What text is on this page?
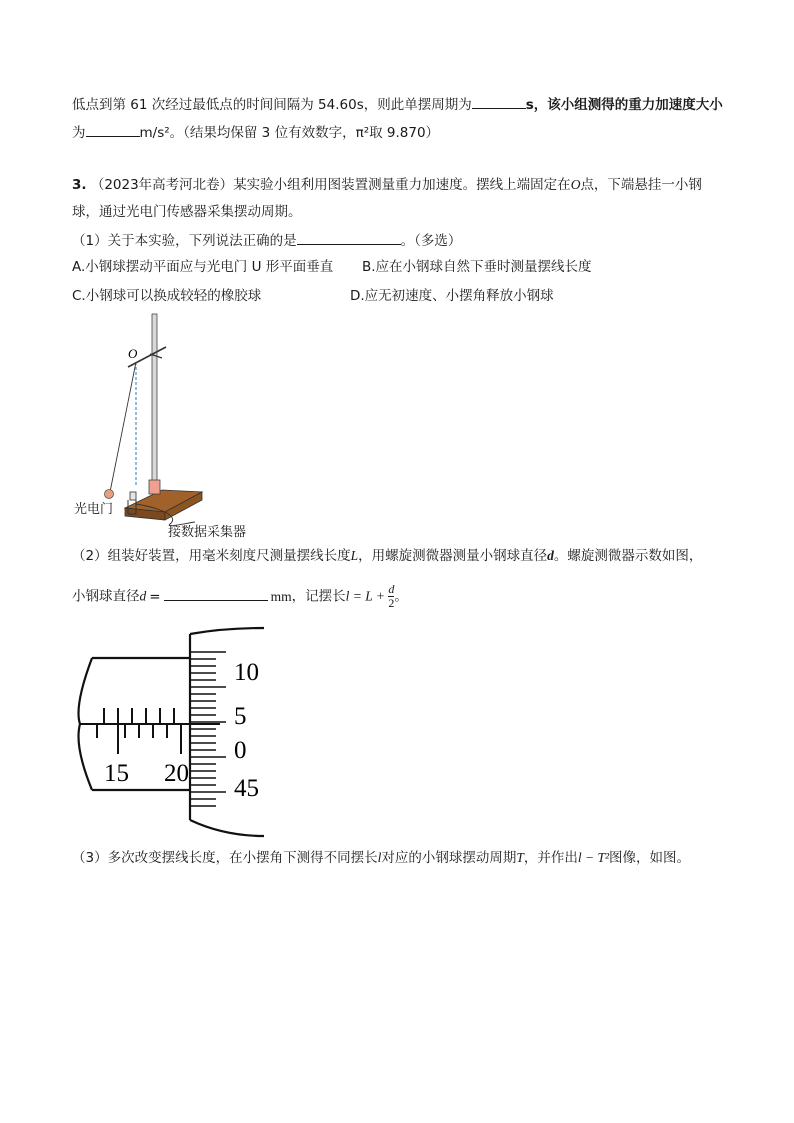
低点到第 61 次经过最低点的时间间隔为 54.60s，则此单摆周期为	s，该小组测得的重力加速度大小
为	m/s²。（结果均保留 3 位有效数字，π²取 9.870）
3. （2023年高考河北卷）某实验小组利用图装置测量重力加速度。摆线上端固定在O点，下端悬挂一小钢
球，通过光电门传感器采集摆动周期。
（1）关于本实验，下列说法正确的是	。（多选）
A.小钢球摆动平面应与光电门 U 形平面垂直 B.应在小钢球自然下垂时测量摆线长度
C.小钢球可以换成较轻的橡胶球	D.应无初速度、小摆角释放小钢球
O
光电门
接数据采集器
（2）组装好装置，用毫米刻度尺测量摆线长度L，用螺旋测微器测量小钢球直径d。螺旋测微器示数如图，
小钢球直径d =	mm，记摆长$l = L + \frac{d}{2}$ 。
10
5
0
45
15 20
（3）多次改变摆线长度，在小摆角下测得不同摆长l对应的小钢球摆动周期T，并作出l − T²图像，如图。
